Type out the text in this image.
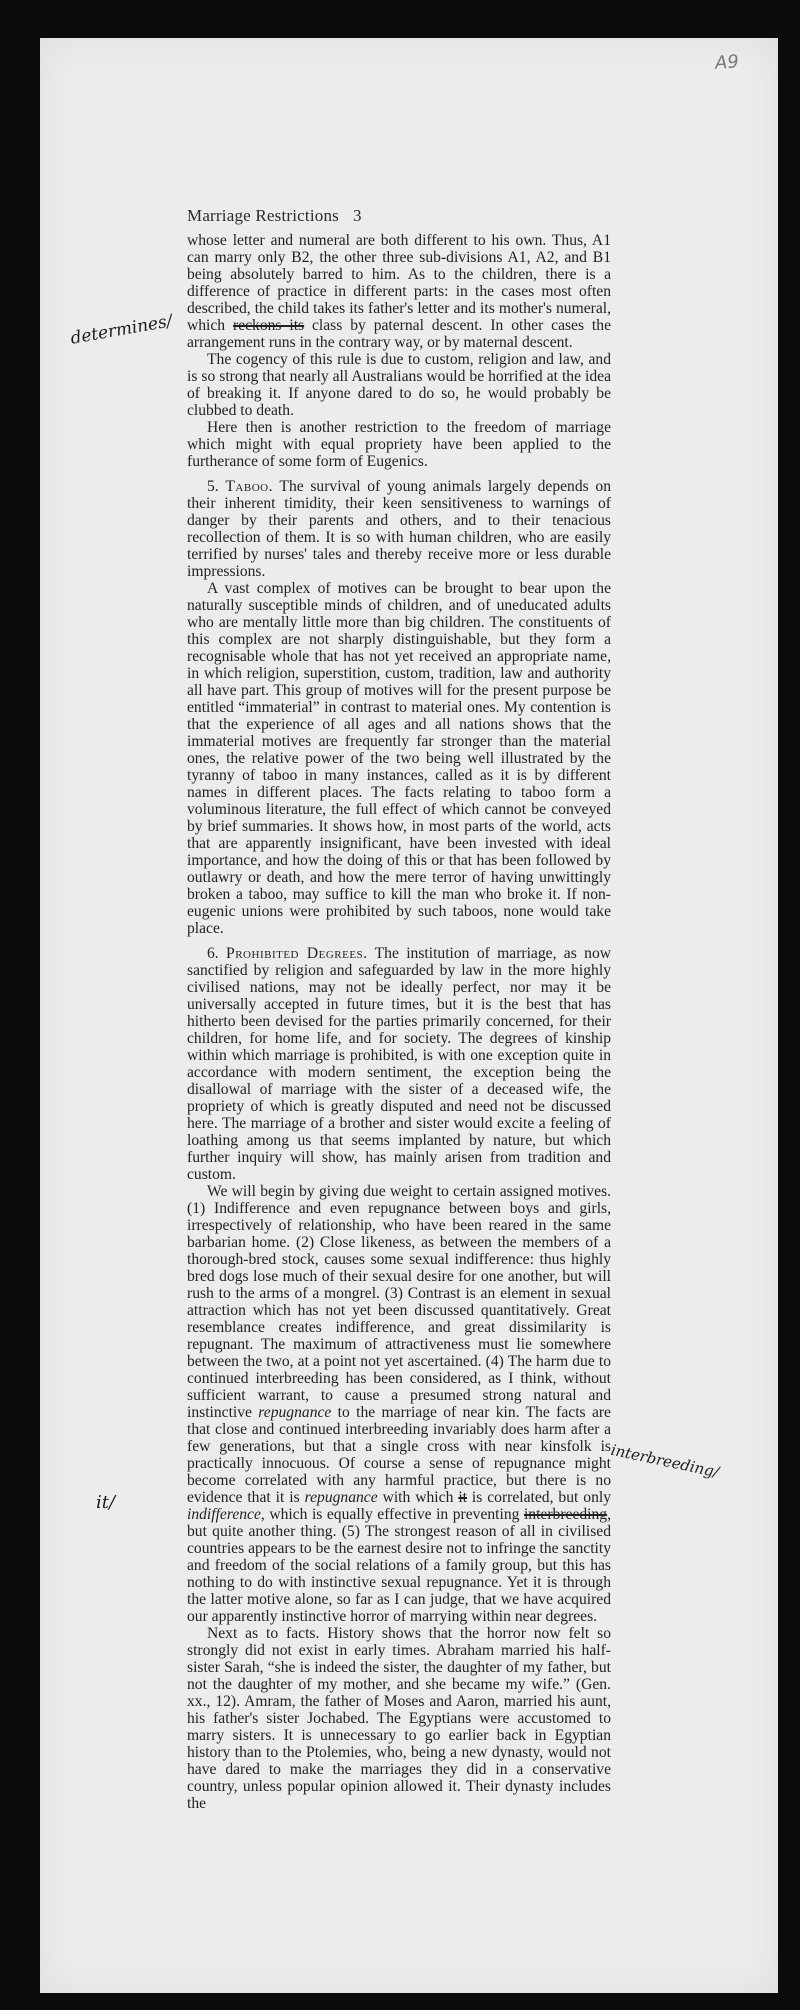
A9
Marriage Restrictions 3
determines/
interbreeding/
it/

whose letter and numeral are both different to his own. Thus, A1 can marry only B2, the other three sub-divisions A1, A2, and B1 being absolutely barred to him. As to the children, there is a difference of practice in different parts: in the cases most often described, the child takes its father's letter and its mother's numeral, which reckons its class by paternal descent. In other cases the arrangement runs in the contrary way, or by maternal descent.

The cogency of this rule is due to custom, religion and law, and is so strong that nearly all Australians would be horrified at the idea of breaking it. If anyone dared to do so, he would probably be clubbed to death.

Here then is another restriction to the freedom of marriage which might with equal propriety have been applied to the furtherance of some form of Eugenics.

5. Taboo. The survival of young animals largely depends on their inherent timidity, their keen sensitiveness to warnings of danger by their parents and others, and to their tenacious recollection of them. It is so with human children, who are easily terrified by nurses' tales and thereby receive more or less durable impressions.

A vast complex of motives can be brought to bear upon the naturally susceptible minds of children, and of uneducated adults who are mentally little more than big children. The constituents of this complex are not sharply distinguishable, but they form a recognisable whole that has not yet received an appropriate name, in which religion, superstition, custom, tradition, law and authority all have part. This group of motives will for the present purpose be entitled “immaterial” in contrast to material ones. My contention is that the experience of all ages and all nations shows that the immaterial motives are frequently far stronger than the material ones, the relative power of the two being well illustrated by the tyranny of taboo in many instances, called as it is by different names in different places. The facts relating to taboo form a voluminous literature, the full effect of which cannot be conveyed by brief summaries. It shows how, in most parts of the world, acts that are apparently insignificant, have been invested with ideal importance, and how the doing of this or that has been followed by outlawry or death, and how the mere terror of having unwittingly broken a taboo, may suffice to kill the man who broke it. If non-eugenic unions were prohibited by such taboos, none would take place.

6. Prohibited Degrees. The institution of marriage, as now sanctified by religion and safeguarded by law in the more highly civilised nations, may not be ideally perfect, nor may it be universally accepted in future times, but it is the best that has hitherto been devised for the parties primarily concerned, for their children, for home life, and for society. The degrees of kinship within which marriage is prohibited, is with one exception quite in accordance with modern sentiment, the exception being the disallowal of marriage with the sister of a deceased wife, the propriety of which is greatly disputed and need not be discussed here. The marriage of a brother and sister would excite a feeling of loathing among us that seems implanted by nature, but which further inquiry will show, has mainly arisen from tradition and custom.

We will begin by giving due weight to certain assigned motives. (1) Indifference and even repugnance between boys and girls, irrespectively of relationship, who have been reared in the same barbarian home. (2) Close likeness, as between the members of a thorough-bred stock, causes some sexual indifference: thus highly bred dogs lose much of their sexual desire for one another, but will rush to the arms of a mongrel. (3) Contrast is an element in sexual attraction which has not yet been discussed quantitatively. Great resemblance creates indifference, and great dissimilarity is repugnant. The maximum of attractiveness must lie somewhere between the two, at a point not yet ascertained. (4) The harm due to continued interbreeding has been considered, as I think, without sufficient warrant, to cause a presumed strong natural and instinctive repugnance to the marriage of near kin. The facts are that close and continued interbreeding invariably does harm after a few generations, but that a single cross with near kinsfolk is practically innocuous. Of course a sense of repugnance might become correlated with any harmful practice, but there is no evidence that it is repugnance with which it is correlated, but only indifference, which is equally effective in preventing interbreeding, but quite another thing. (5) The strongest reason of all in civilised countries appears to be the earnest desire not to infringe the sanctity and freedom of the social relations of a family group, but this has nothing to do with instinctive sexual repugnance. Yet it is through the latter motive alone, so far as I can judge, that we have acquired our apparently instinctive horror of marrying within near degrees.

Next as to facts. History shows that the horror now felt so strongly did not exist in early times. Abraham married his half-sister Sarah, “she is indeed the sister, the daughter of my father, but not the daughter of my mother, and she became my wife.” (Gen. xx., 12). Amram, the father of Moses and Aaron, married his aunt, his father's sister Jochabed. The Egyptians were accustomed to marry sisters. It is unnecessary to go earlier back in Egyptian history than to the Ptolemies, who, being a new dynasty, would not have dared to make the marriages they did in a conservative country, unless popular opinion allowed it. Their dynasty includes the
